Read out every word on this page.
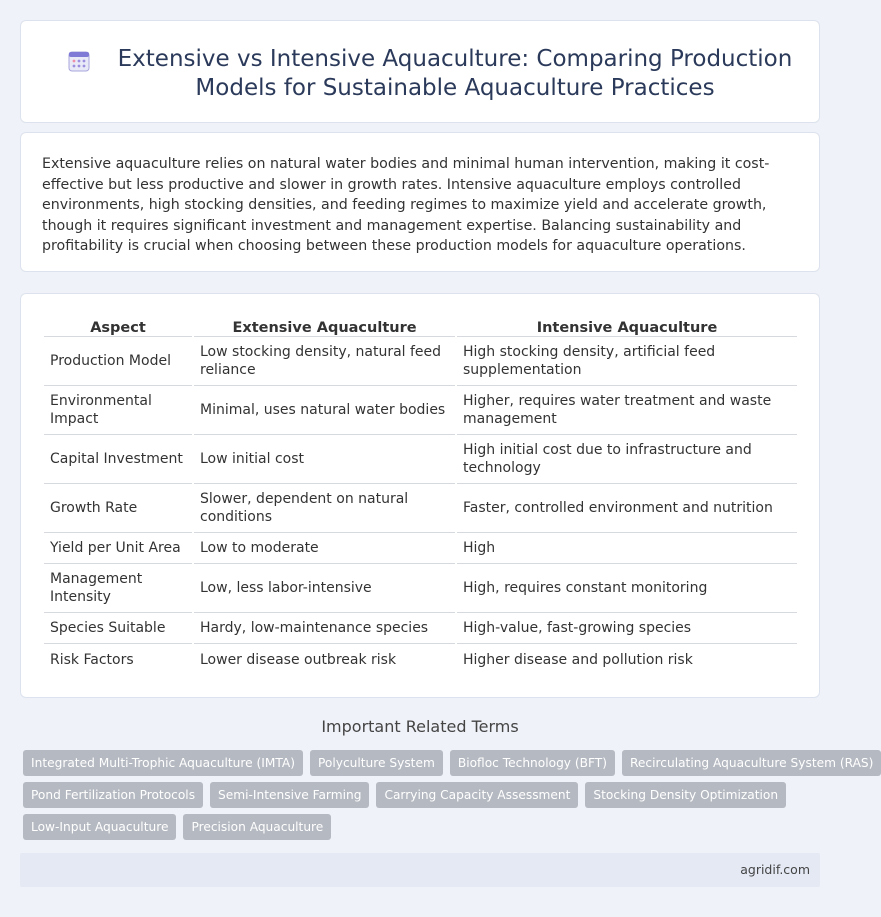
Extensive vs Intensive Aquaculture: Comparing Production Models for Sustainable Aquaculture Practices

Extensive aquaculture relies on natural water bodies and minimal human intervention, making it cost-effective but less productive and slower in growth rates. Intensive aquaculture employs controlled environments, high stocking densities, and feeding regimes to maximize yield and accelerate growth, though it requires significant investment and management expertise. Balancing sustainability and profitability is crucial when choosing between these production models for aquaculture operations.

Aspect	Extensive Aquaculture	Intensive Aquaculture
Production Model	Low stocking density, natural feed reliance	High stocking density, artificial feed supplementation
Environmental Impact	Minimal, uses natural water bodies	Higher, requires water treatment and waste management
Capital Investment	Low initial cost	High initial cost due to infrastructure and technology
Growth Rate	Slower, dependent on natural conditions	Faster, controlled environment and nutrition
Yield per Unit Area	Low to moderate	High
Management Intensity	Low, less labor-intensive	High, requires constant monitoring
Species Suitable	Hardy, low-maintenance species	High-value, fast-growing species
Risk Factors	Lower disease outbreak risk	Higher disease and pollution risk
Important Related Terms
Integrated Multi-Trophic Aquaculture (IMTA)	Polyculture System	Biofloc Technology (BFT)	Recirculating Aquaculture System (RAS)
Pond Fertilization Protocols	Semi-Intensive Farming	Carrying Capacity Assessment	Stocking Density Optimization
Low-Input Aquaculture	Precision Aquaculture
agridif.com
